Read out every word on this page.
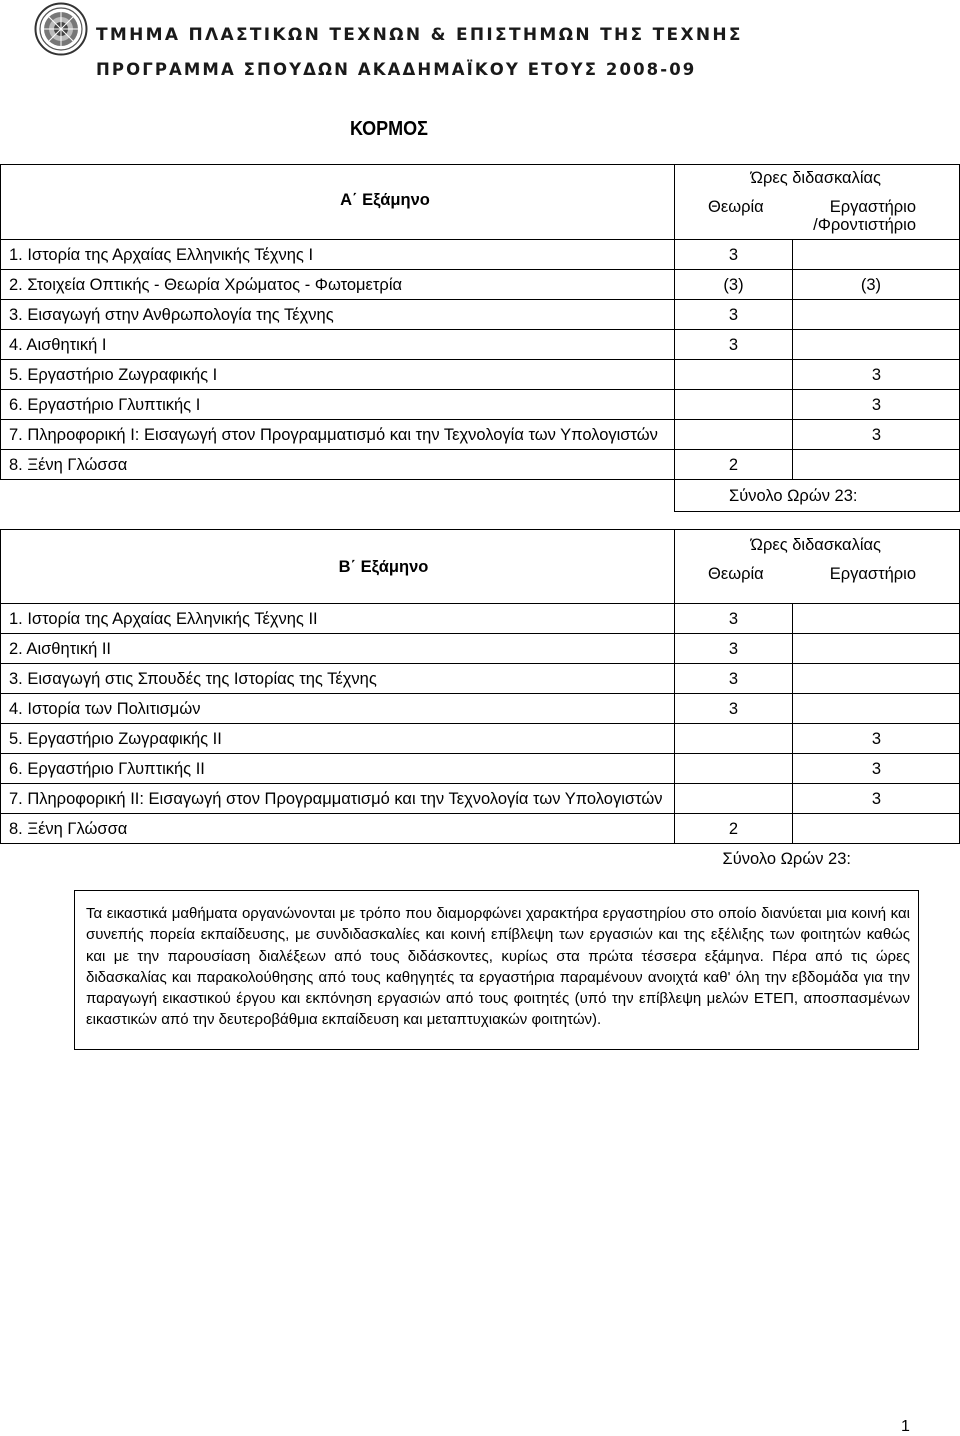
ΤΜΗΜΑ ΠΛΑΣΤΙΚΩΝ ΤΕΧΝΩΝ & ΕΠΙΣΤΗΜΩΝ ΤΗΣ ΤΕΧΝΗΣ
ΠΡΟΓΡΑΜΜΑ ΣΠΟΥΔΩΝ ΑΚΑΔΗΜΑΪΚΟΥ ΕΤΟΥΣ 2008-09
ΚΟΡΜΟΣ
Α΄ Εξάμηνο	Ώρες διδασκαλίας
Θεωρία Εργαστήριο
/Φροντιστήριο	

1. Ιστορία της Αρχαίας Ελληνικής Τέχνης Ι	3	
2. Στοιχεία Οπτικής - Θεωρία Χρώματος - Φωτομετρία	(3)	(3)
3. Εισαγωγή στην Ανθρωπολογία της Τέχνης	3	
4. Αισθητική Ι	3	
5. Εργαστήριο Ζωγραφικής Ι		3
6. Εργαστήριο Γλυπτικής Ι		3
7. Πληροφορική Ι: Εισαγωγή στον Προγραμματισμό και την Τεχνολογία των Υπολογιστών		3
8. Ξένη Γλώσσα	2	
	Σύνολο Ωρών 23:	
Β΄ Εξάμηνο	Ώρες διδασκαλίας
Θεωρία Εργαστήριο	

1. Ιστορία της Αρχαίας Ελληνικής Τέχνης ΙΙ	3	
2. Αισθητική ΙΙ	3	
3. Εισαγωγή στις Σπουδές της Ιστορίας της Τέχνης	3	
4. Ιστορία των Πολιτισμών	3	
5. Εργαστήριο Ζωγραφικής ΙΙ		3
6. Εργαστήριο Γλυπτικής ΙΙ		3
7. Πληροφορική ΙΙ: Εισαγωγή στον Προγραμματισμό και την Τεχνολογία των Υπολογιστών		3
8. Ξένη Γλώσσα	2	
	Σύνολο Ωρών 23:	

Τα εικαστικά μαθήματα οργανώνονται με τρόπο που διαμορφώνει χαρακτήρα εργαστηρίου στο οποίο διανύεται μια κοινή και συνεπής πορεία εκπαίδευσης, με συνδιδασκαλίες και κοινή επίβλεψη των εργασιών και της εξέλιξης των φοιτητών καθώς και με την παρουσίαση διαλέξεων από τους διδάσκοντες, κυρίως στα πρώτα τέσσερα εξάμηνα. Πέρα από τις ώρες διδασκαλίας και παρακολούθησης από τους καθηγητές τα εργαστήρια παραμένουν ανοιχτά καθ' όλη την εβδομάδα για την παραγωγή εικαστικού έργου και εκπόνηση εργασιών από τους φοιτητές (υπό την επίβλεψη μελών ΕΤΕΠ, αποσπασμένων εικαστικών από την δευτεροβάθμια εκπαίδευση και μεταπτυχιακών φοιτητών).

1
